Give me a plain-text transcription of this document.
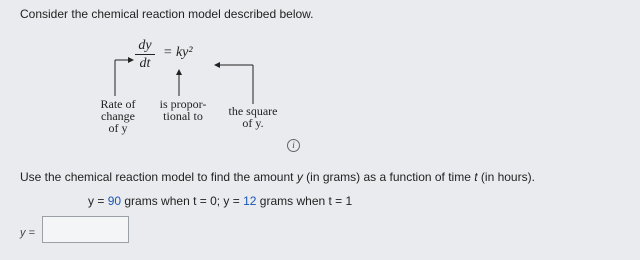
Consider the chemical reaction model described below.
dy
dt
= ky²
Rate of
change
of y
is propor-
tional to	the square
of y.
i
Use the chemical reaction model to find the amount y (in grams) as a function of time t (in hours).
y = 90 grams when t = 0; y = 12 grams when t = 1
y =
